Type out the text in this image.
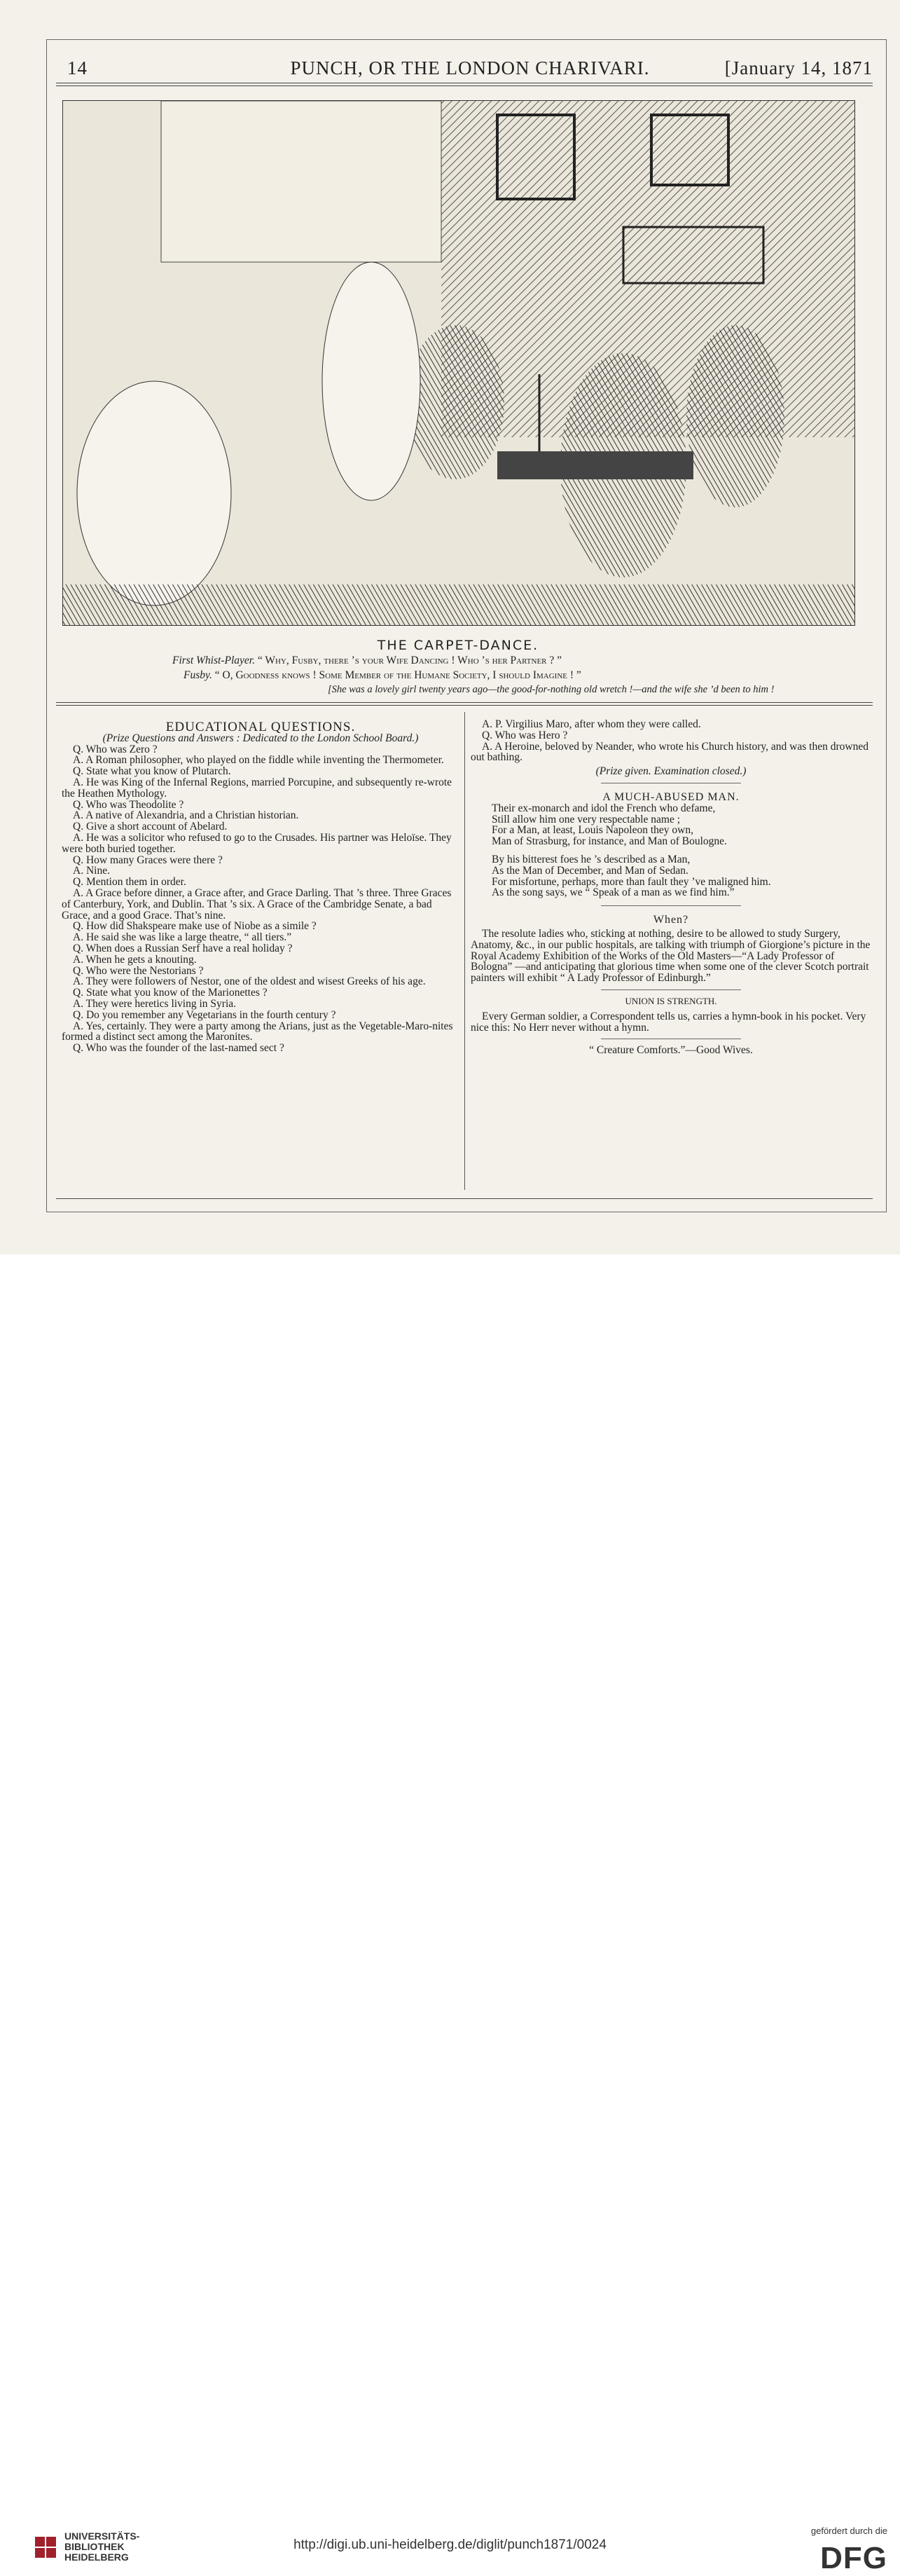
14	PUNCH, OR THE LONDON CHARIVARI.	[January 14, 1871
THE CARPET-DANCE.
First Whist-Player. “ Why, Fusby, there ’s your Wife Dancing ! Who ’s her Partner ? ”
Fusby. “ O, Goodness knows ! Some Member of the Humane Society, I should Imagine ! ”
[She was a lovely girl twenty years ago—the good-for-nothing old wretch !—and the wife she ’d been to him !

EDUCATIONAL QUESTIONS.

(Prize Questions and Answers : Dedicated to the London School Board.)

Q. Who was Zero ?

A. A Roman philosopher, who played on the fiddle while inventing the Thermometer.

Q. State what you know of Plutarch.

A. He was King of the Infernal Regions, married Porcupine, and subsequently re-wrote the Heathen Mythology.

Q. Who was Theodolite ?

A. A native of Alexandria, and a Christian historian.

Q. Give a short account of Abelard.

A. He was a solicitor who refused to go to the Crusades. His partner was Heloïse. They were both buried together.

Q. How many Graces were there ?

A. Nine.

Q. Mention them in order.

A. A Grace before dinner, a Grace after, and Grace Darling. That ’s three. Three Graces of Canterbury, York, and Dublin. That ’s six. A Grace of the Cambridge Senate, a bad Grace, and a good Grace. That’s nine.

Q. How did Shakspeare make use of Niobe as a simile ?

A. He said she was like a large theatre, “ all tiers.”

Q. When does a Russian Serf have a real holiday ?

A. When he gets a knouting.

Q. Who were the Nestorians ?

A. They were followers of Nestor, one of the oldest and wisest Greeks of his age.

Q. State what you know of the Marionettes ?

A. They were heretics living in Syria.

Q. Do you remember any Vegetarians in the fourth century ?

A. Yes, certainly. They were a party among the Arians, just as the Vegetable-Maro-nites formed a distinct sect among the Maronites.

Q. Who was the founder of the last-named sect ?

A. P. Virgilius Maro, after whom they were called.

Q. Who was Hero ?

A. A Heroine, beloved by Neander, who wrote his Church history, and was then drowned out bathing.

(Prize given. Examination closed.)

A MUCH-ABUSED MAN.

Their ex-monarch and idol the French who defame,

Still allow him one very respectable name ;

For a Man, at least, Louis Napoleon they own,

Man of Strasburg, for instance, and Man of Boulogne.

By his bitterest foes he ’s described as a Man,

As the Man of December, and Man of Sedan.

For misfortune, perhaps, more than fault they ’ve maligned him.

As the song says, we “ Speak of a man as we find him.”

When?

The resolute ladies who, sticking at nothing, desire to be allowed to study Surgery, Anatomy, &c., in our public hospitals, are talking with triumph of Giorgione’s picture in the Royal Academy Exhibition of the Works of the Old Masters—“A Lady Professor of Bologna” —and anticipating that glorious time when some one of the clever Scotch portrait painters will exhibit “ A Lady Professor of Edinburgh.”

UNION IS STRENGTH.

Every German soldier, a Correspondent tells us, carries a hymn-book in his pocket. Very nice this: No Herr never without a hymn.

“ Creature Comforts.”—Good Wives.

UNIVERSITÄTS-
BIBLIOTHEK
HEIDELBERG
http://digi.ub.uni-heidelberg.de/diglit/punch1871/0024
gefördert durch die
DFG
